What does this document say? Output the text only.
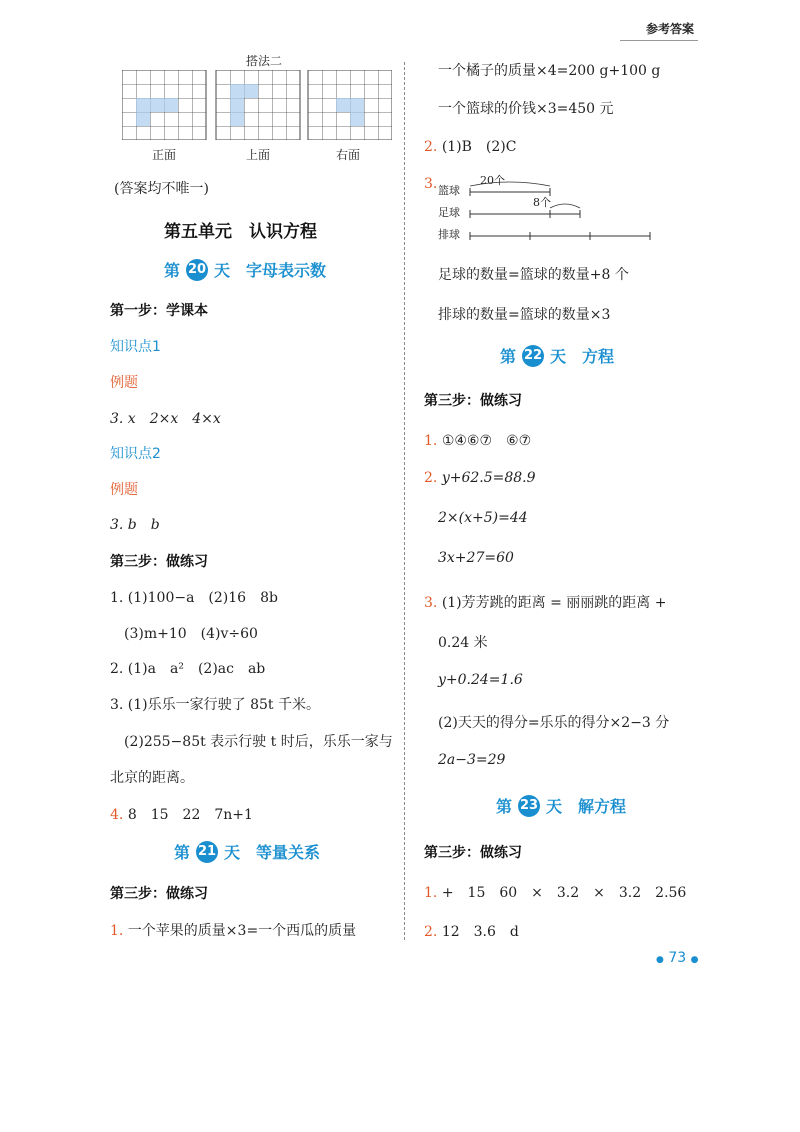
参考答案
搭法二
正面	上面	右面
(答案均不唯一)
第五单元　认识方程
第 20 天 字母表示数
第一步：学课本
知识点1
例题
3. x　2×x　4×x
知识点2
例题
3. b　b
第三步：做练习
1. (1)100−a　(2)16　8b
(3)m+10　(4)v÷60
2. (1)a　a²　(2)ac　ab
3. (1)乐乐一家行驶了 85t 千米。
(2)255−85t 表示行驶 t 时后，乐乐一家与
北京的距离。
4. 8　15　22　7n+1
第 21 天 等量关系
第三步：做练习
1. 一个苹果的质量×3=一个西瓜的质量
一个橘子的质量×4=200 g+100 g
一个篮球的价钱×3=450 元
2. (1)B　(2)C
3. 篮球
足球
排球
20个
8个
足球的数量=篮球的数量+8 个
排球的数量=篮球的数量×3
第 22 天 方程
第三步：做练习
1. ①④⑥⑦　⑥⑦
2. y+62.5=88.9
2×(x+5)=44
3x+27=60
3. (1)芳芳跳的距离 = 丽丽跳的距离 +
0.24 米
y+0.24=1.6
(2)天天的得分=乐乐的得分×2−3 分
2a−3=29
第 23 天 解方程
第三步：做练习
1. +　15　60　×　3.2　×　3.2　2.56
2. 12　3.6　d
● 73 ●
